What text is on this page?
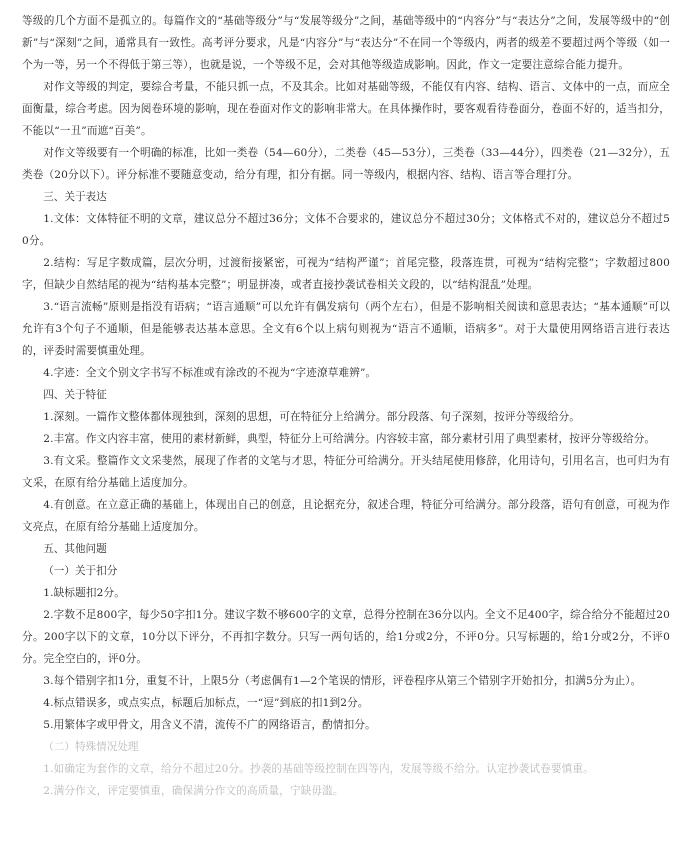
等级的几个方面不是孤立的。每篇作文的“基础等级分”与“发展等级分”之间，基础等级中的“内容分”与“表达分”之间，发展等级中的“创新”与“深刻”之间，通常具有一致性。高考评分要求，凡是“内容分”与“表达分”不在同一个等级内，两者的级差不要超过两个等级（如一个为一等，另一个不得低于第三等），也就是说，一个等级不足，会对其他等级造成影响。因此，作文一定要注意综合能力提升。

对作文等级的判定，要综合考量，不能只抓一点，不及其余。比如对基础等级，不能仅有内容、结构、语言、文体中的一点，而应全面衡量，综合考虑。因为阅卷环境的影响，现在卷面对作文的影响非常大。在具体操作时，要客观看待卷面分，卷面不好的，适当扣分，不能以“一丑”而遮“百美”。

对作文等级要有一个明确的标准，比如一类卷（54—60分），二类卷（45—53分），三类卷（33—44分），四类卷（21—32分），五类卷（20分以下）。评分标准不要随意变动，给分有理，扣分有据。同一等级内，根据内容、结构、语言等合理打分。

三、关于表达

1.文体：文体特征不明的文章，建议总分不超过36分；文体不合要求的，建议总分不超过30分；文体格式不对的，建议总分不超过50分。

2.结构：写足字数成篇，层次分明，过渡衔接紧密，可视为“结构严谨”；首尾完整，段落连贯，可视为“结构完整”；字数超过800字，但缺少自然结尾的视为“结构基本完整”；明显拼凑，或者直接抄袭试卷相关文段的，以“结构混乱”处理。

3.“语言流畅”原则是指没有语病；“语言通顺”可以允许有偶发病句（两个左右），但是不影响相关阅读和意思表达；“基本通顺”可以允许有3个句子不通顺，但是能够表达基本意思。全文有6个以上病句则视为“语言不通顺，语病多”。对于大量使用网络语言进行表达的，评委时需要慎重处理。

4.字迹：全文个别文字书写不标准或有涂改的不视为“字迹潦草难辨”。

四、关于特征

1.深刻。一篇作文整体都体现独到，深刻的思想，可在特征分上给满分。部分段落、句子深刻，按评分等级给分。

2.丰富。作文内容丰富，使用的素材新鲜，典型，特征分上可给满分。内容较丰富，部分素材引用了典型素材，按评分等级给分。

3.有文采。整篇作文文采斐然，展现了作者的文笔与才思，特征分可给满分。开头结尾使用修辞，化用诗句，引用名言，也可归为有文采，在原有给分基础上适度加分。

4.有创意。在立意正确的基础上，体现出自己的创意，且论据充分，叙述合理，特征分可给满分。部分段落，语句有创意，可视为作文亮点，在原有给分基础上适度加分。

五、其他问题

（一）关于扣分

1.缺标题扣2分。

2.字数不足800字，每少50字扣1分。建议字数不够600字的文章，总得分控制在36分以内。全文不足400字，综合给分不能超过20分。200字以下的文章，10分以下评分，不再扣字数分。只写一两句话的，给1分或2分，不评0分。只写标题的，给1分或2分，不评0分。完全空白的，评0分。

3.每个错别字扣1分，重复不计，上限5分（考虑偶有1—2个笔误的情形，评卷程序从第三个错别字开始扣分，扣满5分为止）。

4.标点错误多，或点实点，标题后加标点，一“逗”到底的扣1到2分。

5.用繁体字或甲骨文，用含义不清，流传不广的网络语言，酌情扣分。

（二）特殊情况处理

1.如确定为套作的文章，给分不超过20分。抄袭的基础等级控制在四等内，发展等级不给分。认定抄袭试卷要慎重。

2.满分作文，评定要慎重，确保满分作文的高质量，宁缺毋滥。
